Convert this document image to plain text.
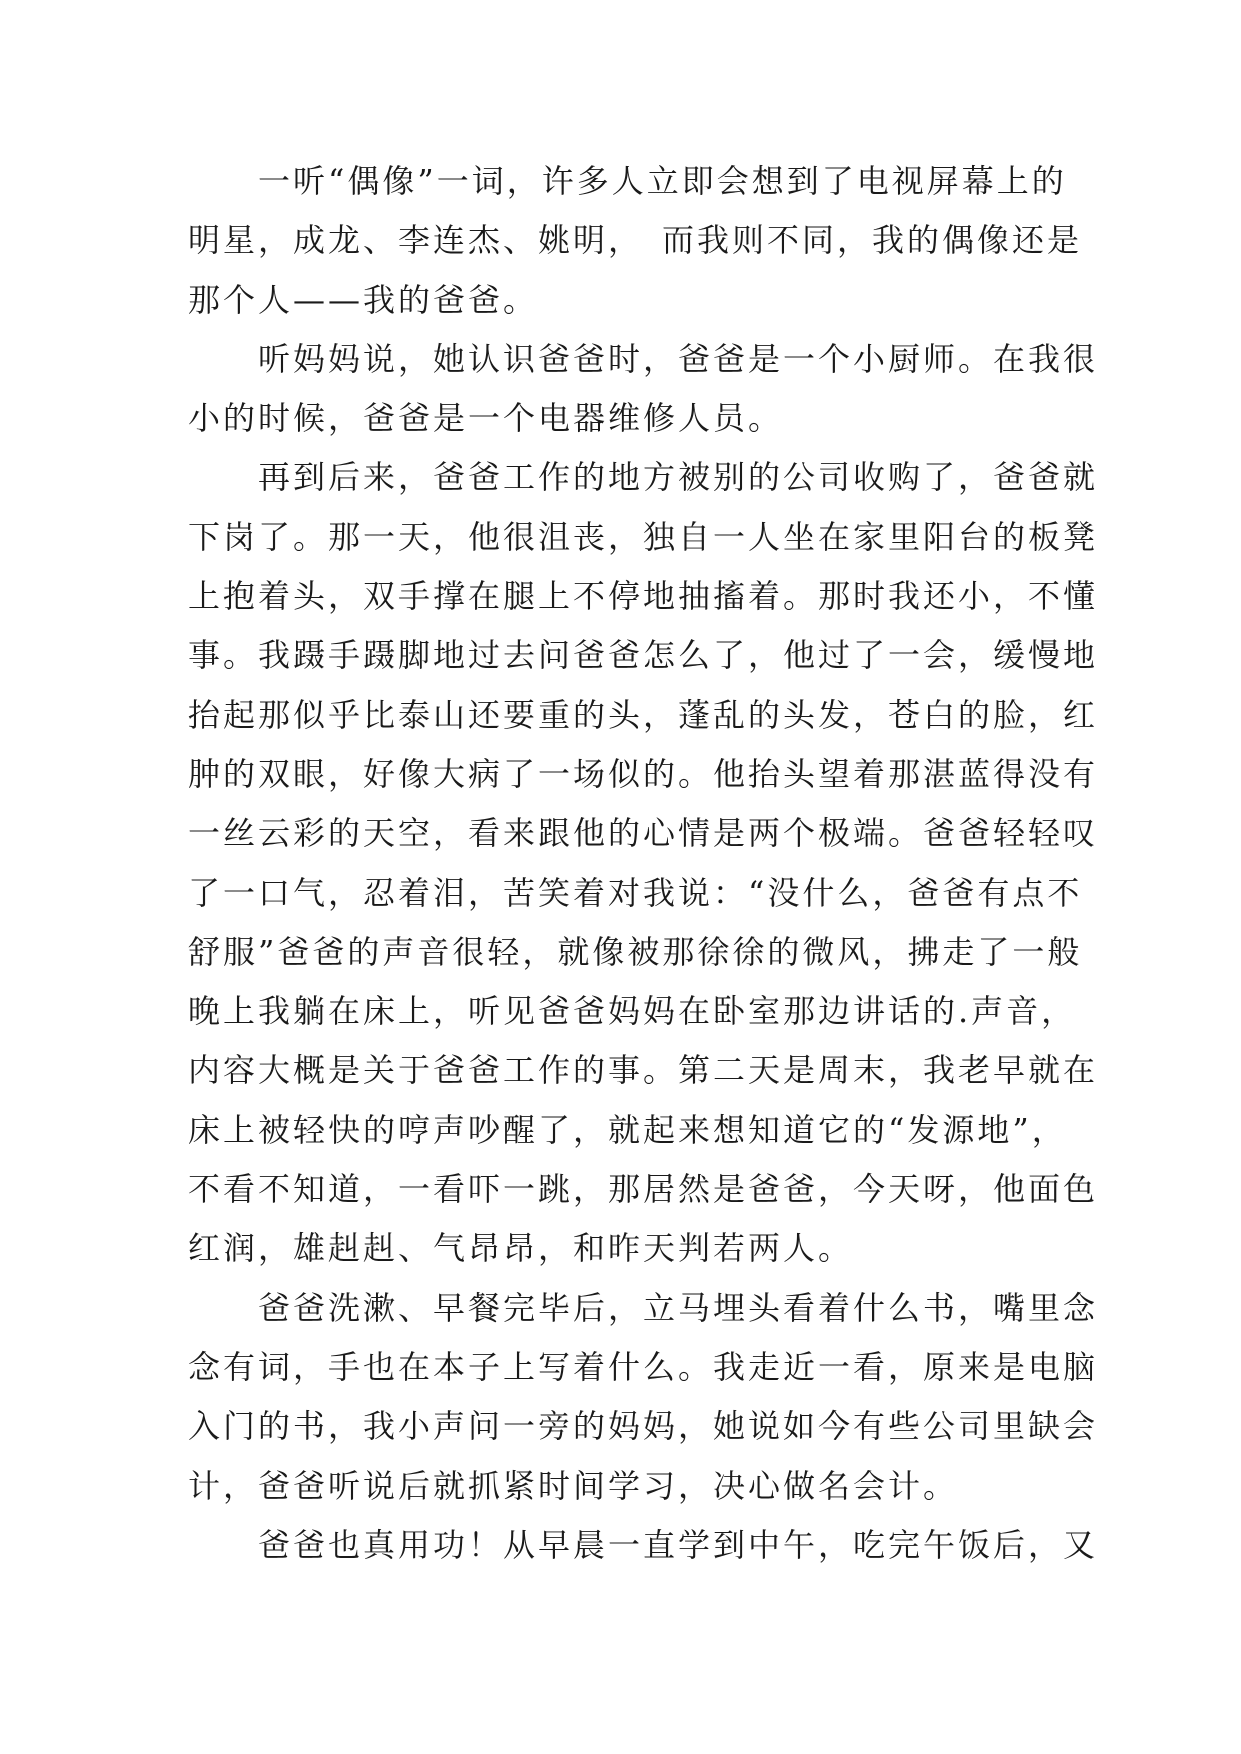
一听“偶像”一词，许多人立即会想到了电视屏幕上的
明星，成龙、李连杰、姚明，　而我则不同，我的偶像还是
那个人——我的爸爸。

听妈妈说，她认识爸爸时，爸爸是一个小厨师。在我很
小的时候，爸爸是一个电器维修人员。

再到后来，爸爸工作的地方被别的公司收购了，爸爸就
下岗了。那一天，他很沮丧，独自一人坐在家里阳台的板凳
上抱着头，双手撑在腿上不停地抽搐着。那时我还小，不懂
事。我蹑手蹑脚地过去问爸爸怎么了，他过了一会，缓慢地
抬起那似乎比泰山还要重的头，蓬乱的头发，苍白的脸，红
肿的双眼，好像大病了一场似的。他抬头望着那湛蓝得没有
一丝云彩的天空，看来跟他的心情是两个极端。爸爸轻轻叹
了一口气，忍着泪，苦笑着对我说：“没什么，爸爸有点不
舒服”爸爸的声音很轻，就像被那徐徐的微风，拂走了一般
晚上我躺在床上，听见爸爸妈妈在卧室那边讲话的.声音，
内容大概是关于爸爸工作的事。第二天是周末，我老早就在
床上被轻快的哼声吵醒了，就起来想知道它的“发源地”，
不看不知道，一看吓一跳，那居然是爸爸，今天呀，他面色
红润，雄赳赳、气昂昂，和昨天判若两人。

爸爸洗漱、早餐完毕后，立马埋头看着什么书，嘴里念
念有词，手也在本子上写着什么。我走近一看，原来是电脑
入门的书，我小声问一旁的妈妈，她说如今有些公司里缺会
计，爸爸听说后就抓紧时间学习，决心做名会计。

爸爸也真用功！从早晨一直学到中午，吃完午饭后，又
